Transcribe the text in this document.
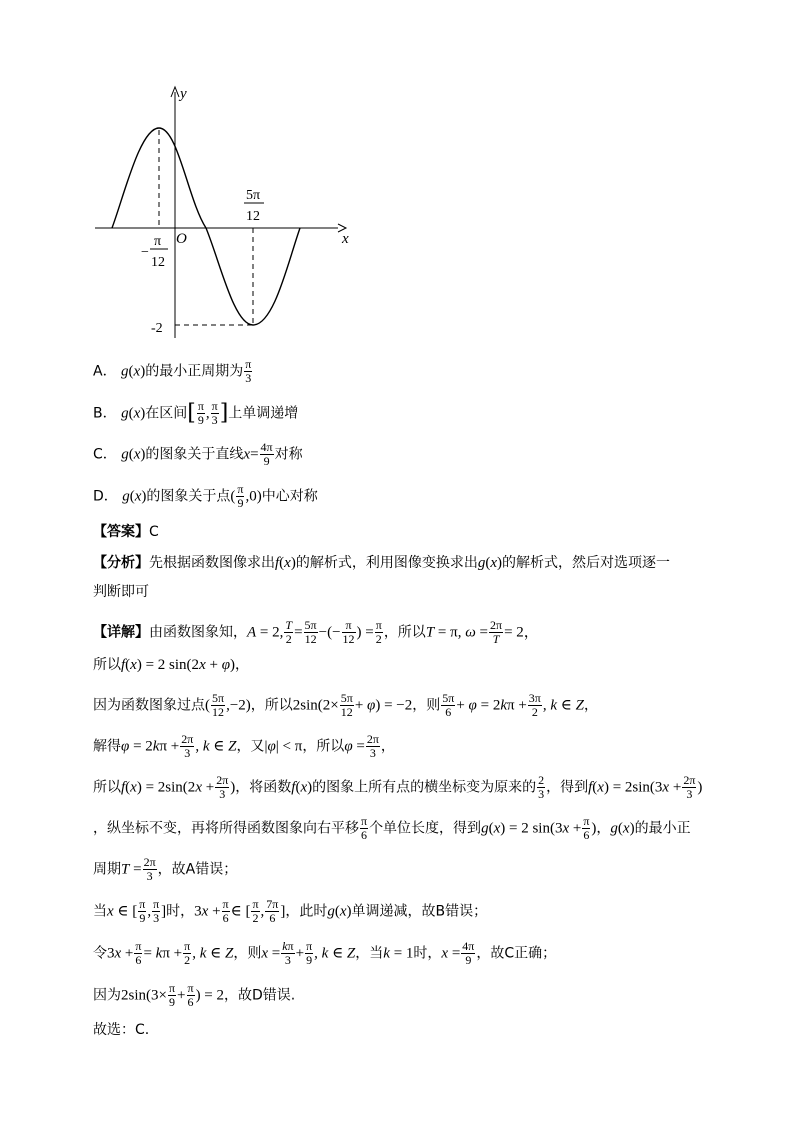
y
x
O
5π
12
−
π
12
-2
A． g(x)的最小正周期为 $\frac{\pi}{3}$
B． g(x)在区间[ $\frac{\pi}{9}$ , $\frac{\pi}{3}$ ]上单调递增
C． g(x)的图象关于直线$x= \frac{4\pi}{9}$ 对称
D． g(x)的图象关于点( $\frac{\pi}{9} ,0$)中心对称
【答案】C
【分析】先根据函数图像求出f(x)的解析式，利用图像变换求出g(x)的解析式，然后对选项逐一
判断即可
【详解】由函数图象知，A = 2, $\frac{T}{2} = \frac{5\pi}{12}$ −(− $\frac{\pi}{12}$ ) = $\frac{\pi}{2}$ ，所以T = π, $\omega = \frac{2\pi}{T} = 2$，
所以f(x) = 2 sin(2x + φ)，
因为函数图象过点( $\frac{5\pi}{12} ,-2$)，所以$2\sin(2\times \frac{5\pi}{12} + \varphi) = -2$，则 $\frac{5\pi}{6} + \varphi = 2k\pi + \frac{3\pi}{2}$ , k ∈ Z，
解得$\varphi = 2k\pi + \frac{2\pi}{3}$ , k ∈ Z，又|φ| < π，所以$\varphi = \frac{2\pi}{3}$ ，
所以$f(x) = 2\sin(2x + \frac{2\pi}{3}$ )，将函数f(x)的图象上所有点的横坐标变为原来的 $\frac{2}{3}$ ，得到$f(x) = 2\sin(3x + \frac{2\pi}{3}$ )
，纵坐标不变，再将所得函数图象向右平移 $\frac{\pi}{6}$ 个单位长度，得到g(x) = 2 $\sin(3x + \frac{\pi}{6}$ )，g(x)的最小正
周期$T = \frac{2\pi}{3}$ ，故A错误；
当x ∈ [ $\frac{\pi}{9}$ , $\frac{\pi}{3}$ ]时，$3x + \frac{\pi}{6}$ ∈ [ $\frac{\pi}{2}$ , $\frac{7\pi}{6}$ ]，此时g(x)单调递减，故B错误；
令$3x + \frac{\pi}{6} = k\pi + \frac{\pi}{2}$ , k ∈ Z，则$x = \frac{k\pi}{3} + \frac{\pi}{9}$ , k ∈ Z，当k = 1时，$x = \frac{4\pi}{9}$ ，故C正确；
因为$2\sin(3\times \frac{\pi}{9} + \frac{\pi}{6}$ ) = 2，故D错误.
故选：C.
